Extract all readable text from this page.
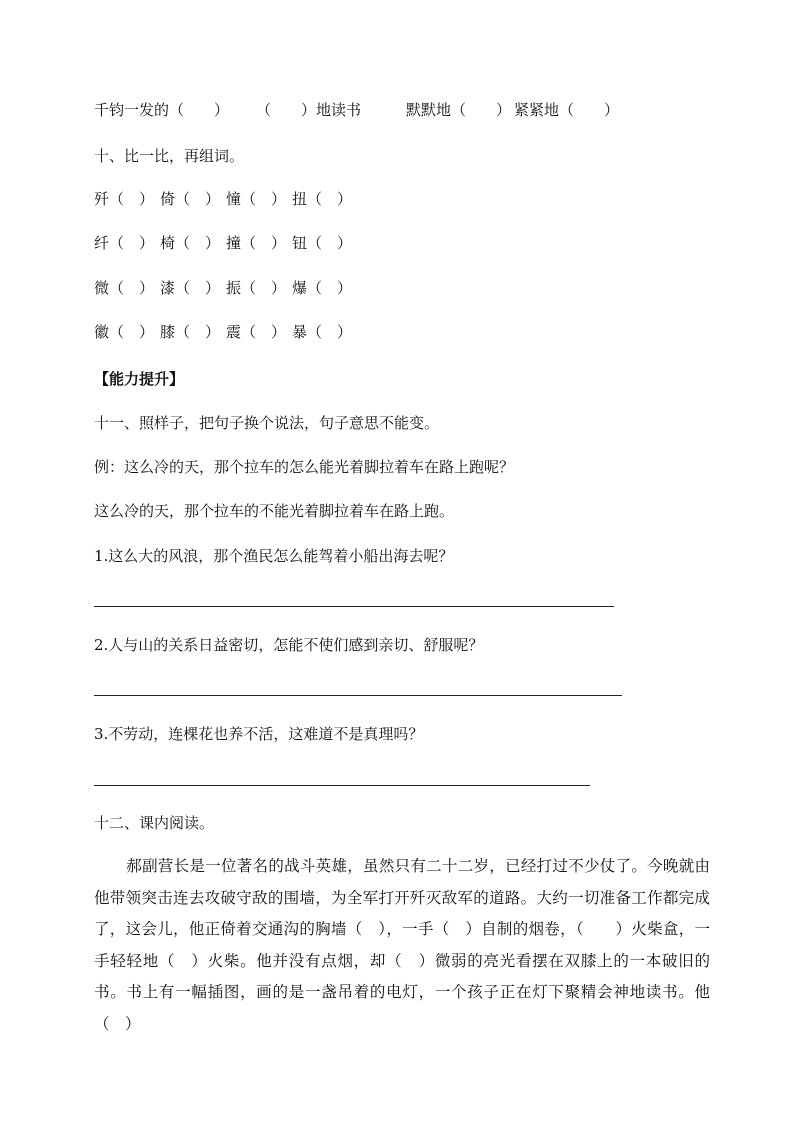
千钧一发的（　　） （　　）地读书	默默地（　　） 紧紧地（　　）
十、比一比，再组词。
歼（　） 倚（　） 憧（　） 扭（　）
纤（　） 椅（　） 撞（　） 钮（　）
微（　） 漆（　） 振（　） 爆（　）
徽（　） 膝（　） 震（　） 暴（　）
【能力提升】
十一、照样子，把句子换个说法，句子意思不能变。
例：这么冷的天，那个拉车的怎么能光着脚拉着车在路上跑呢？
这么冷的天，那个拉车的不能光着脚拉着车在路上跑。
1.这么大的风浪，那个渔民怎么能驾着小船出海去呢？
2.人与山的关系日益密切，怎能不使们感到亲切、舒服呢？
3.不劳动，连棵花也养不活，这难道不是真理吗？
十二、课内阅读。
郝副营长是一位著名的战斗英雄，虽然只有二十二岁，已经打过不少仗了。今晚就由他带领突击连去攻破守敌的围墙，为全军打开歼灭敌军的道路。大约一切准备工作都完成了，这会儿，他正倚着交通沟的胸墙（　），一手（　）自制的烟卷，（　　）火柴盒，一手轻轻地（　）火柴。他并没有点烟，却（　）微弱的亮光看摆在双膝上的一本破旧的书。书上有一幅插图，画的是一盏吊着的电灯，一个孩子正在灯下聚精会神地读书。他（　）
